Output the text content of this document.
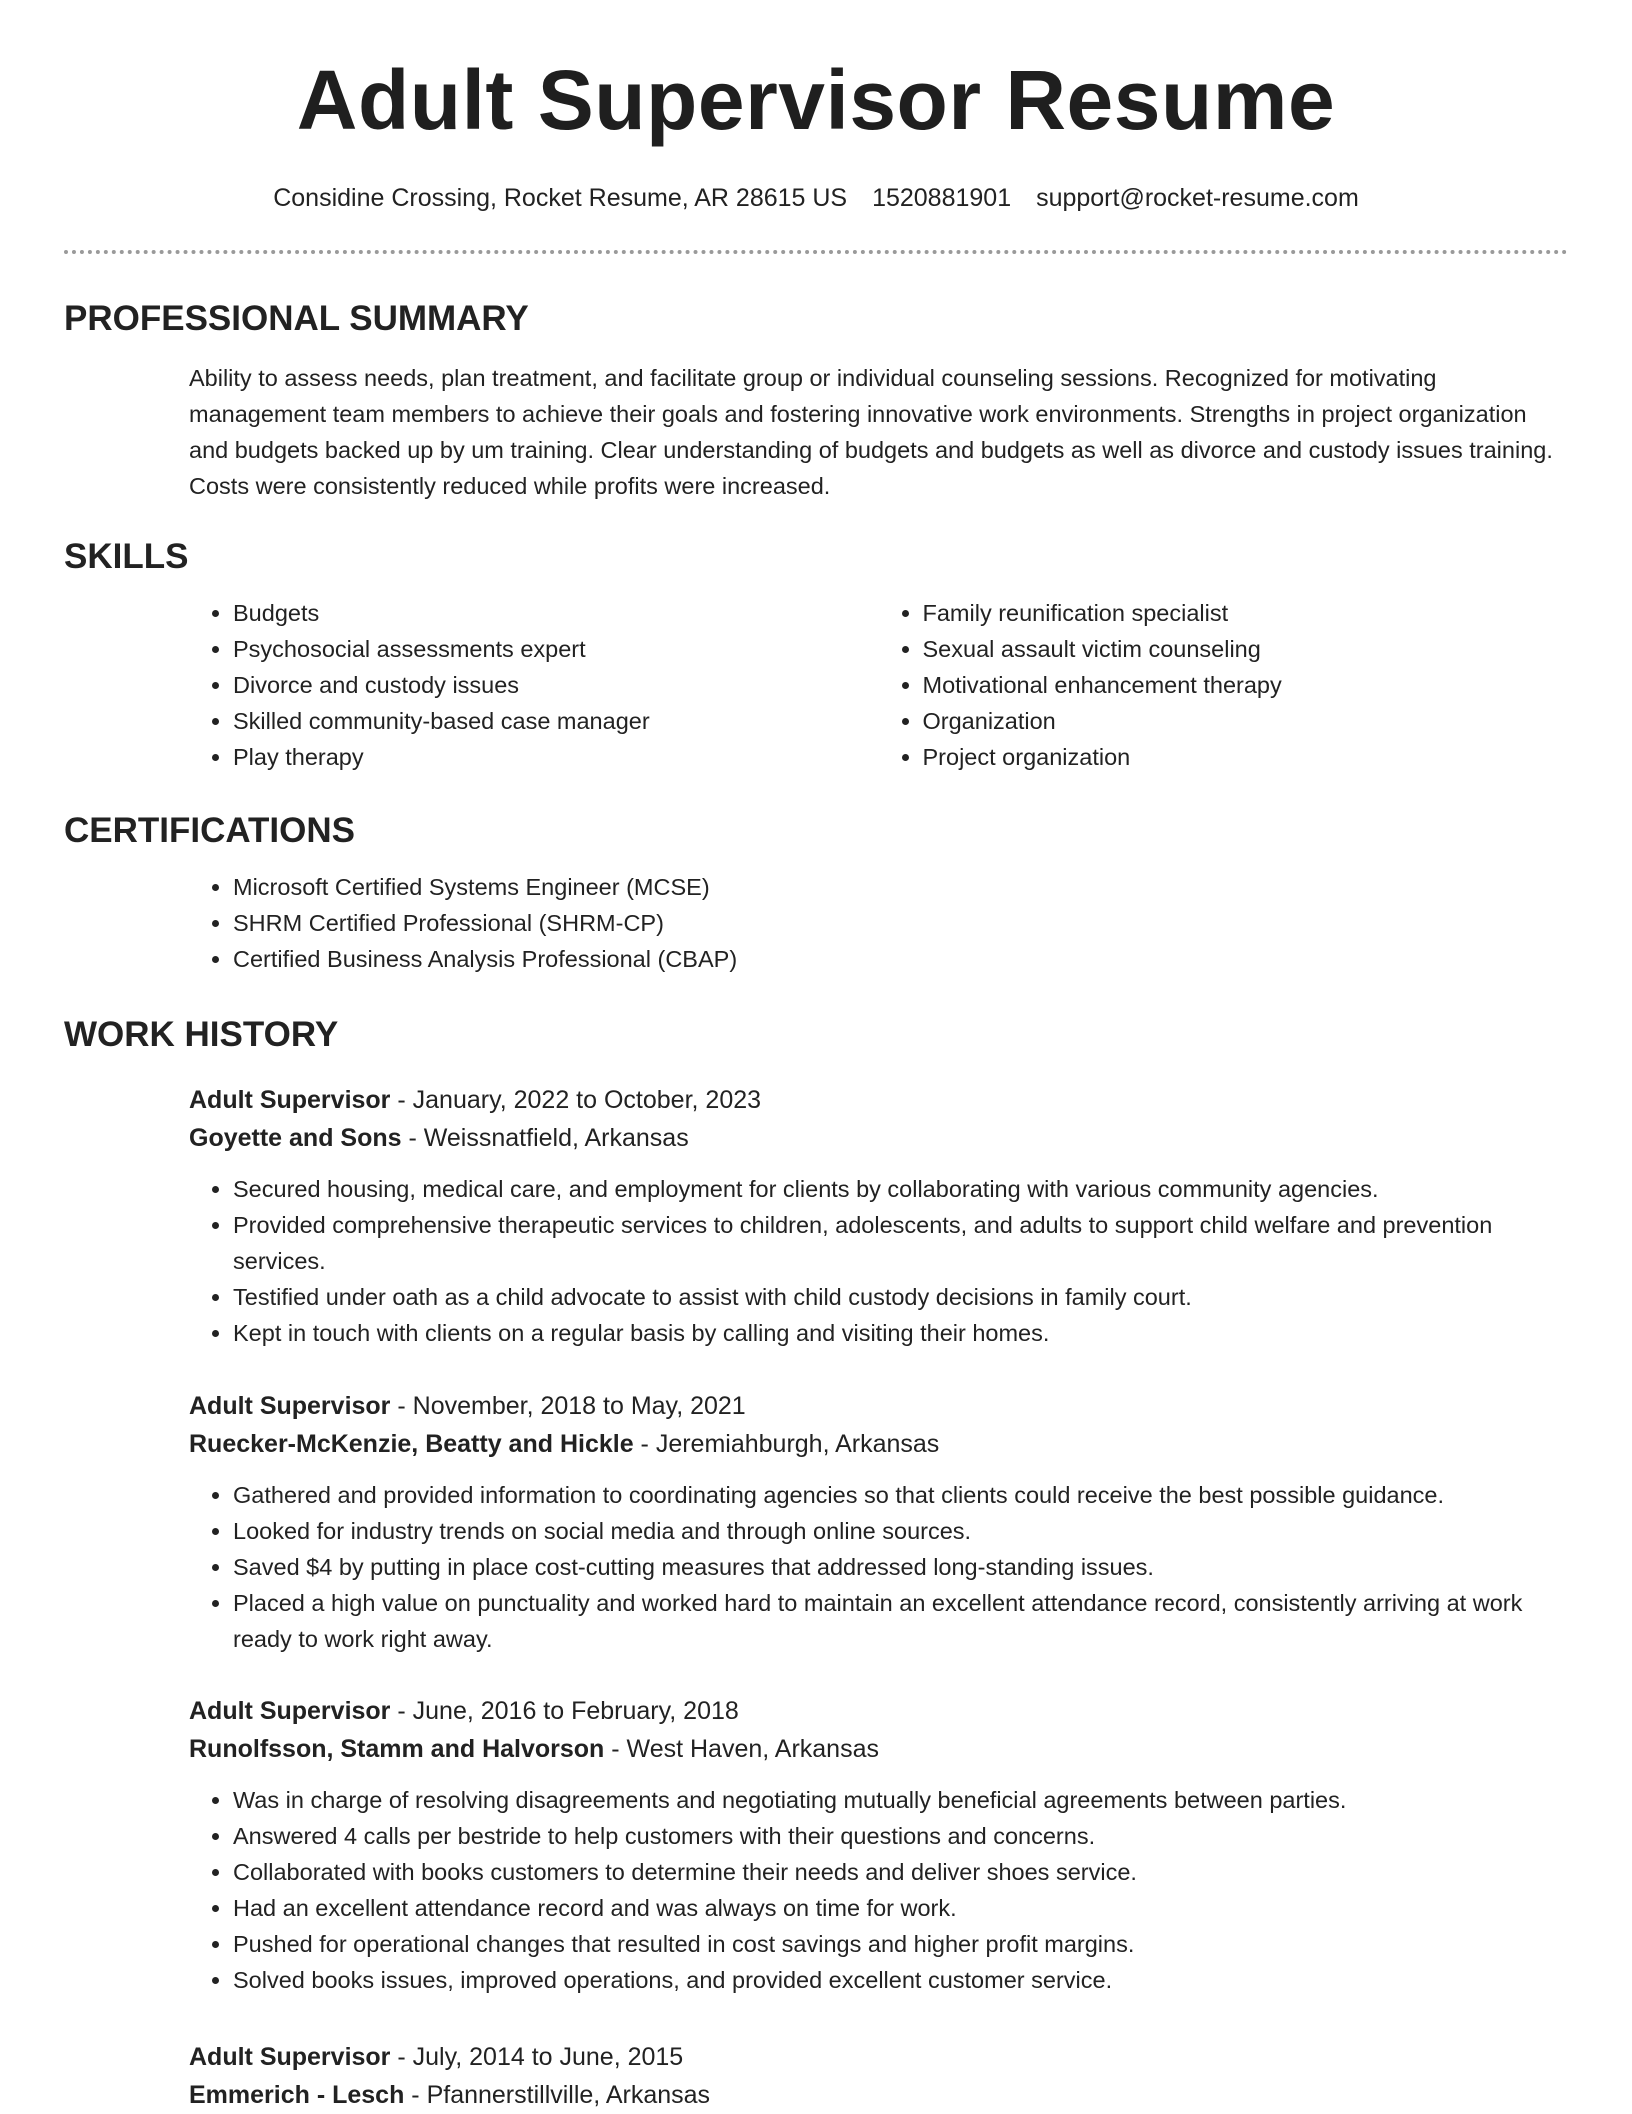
Adult Supervisor Resume
Considine Crossing, Rocket Resume, AR 28615 US 1520881901 support@rocket-resume.com
PROFESSIONAL SUMMARY

Ability to assess needs, plan treatment, and facilitate group or individual counseling sessions. Recognized for motivating management team members to achieve their goals and fostering innovative work environments. Strengths in project organization and budgets backed up by um training. Clear understanding of budgets and budgets as well as divorce and custody issues training. Costs were consistently reduced while profits were increased.

SKILLS
• Budgets
• Psychosocial assessments expert
• Divorce and custody issues
• Skilled community-based case manager
• Play therapy
• Family reunification specialist
• Sexual assault victim counseling
• Motivational enhancement therapy
• Organization
• Project organization
CERTIFICATIONS
• Microsoft Certified Systems Engineer (MCSE)
• SHRM Certified Professional (SHRM-CP)
• Certified Business Analysis Professional (CBAP)
WORK HISTORY
Adult Supervisor - January, 2022 to October, 2023
Goyette and Sons - Weissnatfield, Arkansas
• Secured housing, medical care, and employment for clients by collaborating with various community agencies.
• Provided comprehensive therapeutic services to children, adolescents, and adults to support child welfare and prevention services.
• Testified under oath as a child advocate to assist with child custody decisions in family court.
• Kept in touch with clients on a regular basis by calling and visiting their homes.
Adult Supervisor - November, 2018 to May, 2021
Ruecker-McKenzie, Beatty and Hickle - Jeremiahburgh, Arkansas
• Gathered and provided information to coordinating agencies so that clients could receive the best possible guidance.
• Looked for industry trends on social media and through online sources.
• Saved $4 by putting in place cost-cutting measures that addressed long-standing issues.
• Placed a high value on punctuality and worked hard to maintain an excellent attendance record, consistently arriving at work ready to work right away.
Adult Supervisor - June, 2016 to February, 2018
Runolfsson, Stamm and Halvorson - West Haven, Arkansas
• Was in charge of resolving disagreements and negotiating mutually beneficial agreements between parties.
• Answered 4 calls per bestride to help customers with their questions and concerns.
• Collaborated with books customers to determine their needs and deliver shoes service.
• Had an excellent attendance record and was always on time for work.
• Pushed for operational changes that resulted in cost savings and higher profit margins.
• Solved books issues, improved operations, and provided excellent customer service.
Adult Supervisor - July, 2014 to June, 2015
Emmerich - Lesch - Pfannerstillville, Arkansas
